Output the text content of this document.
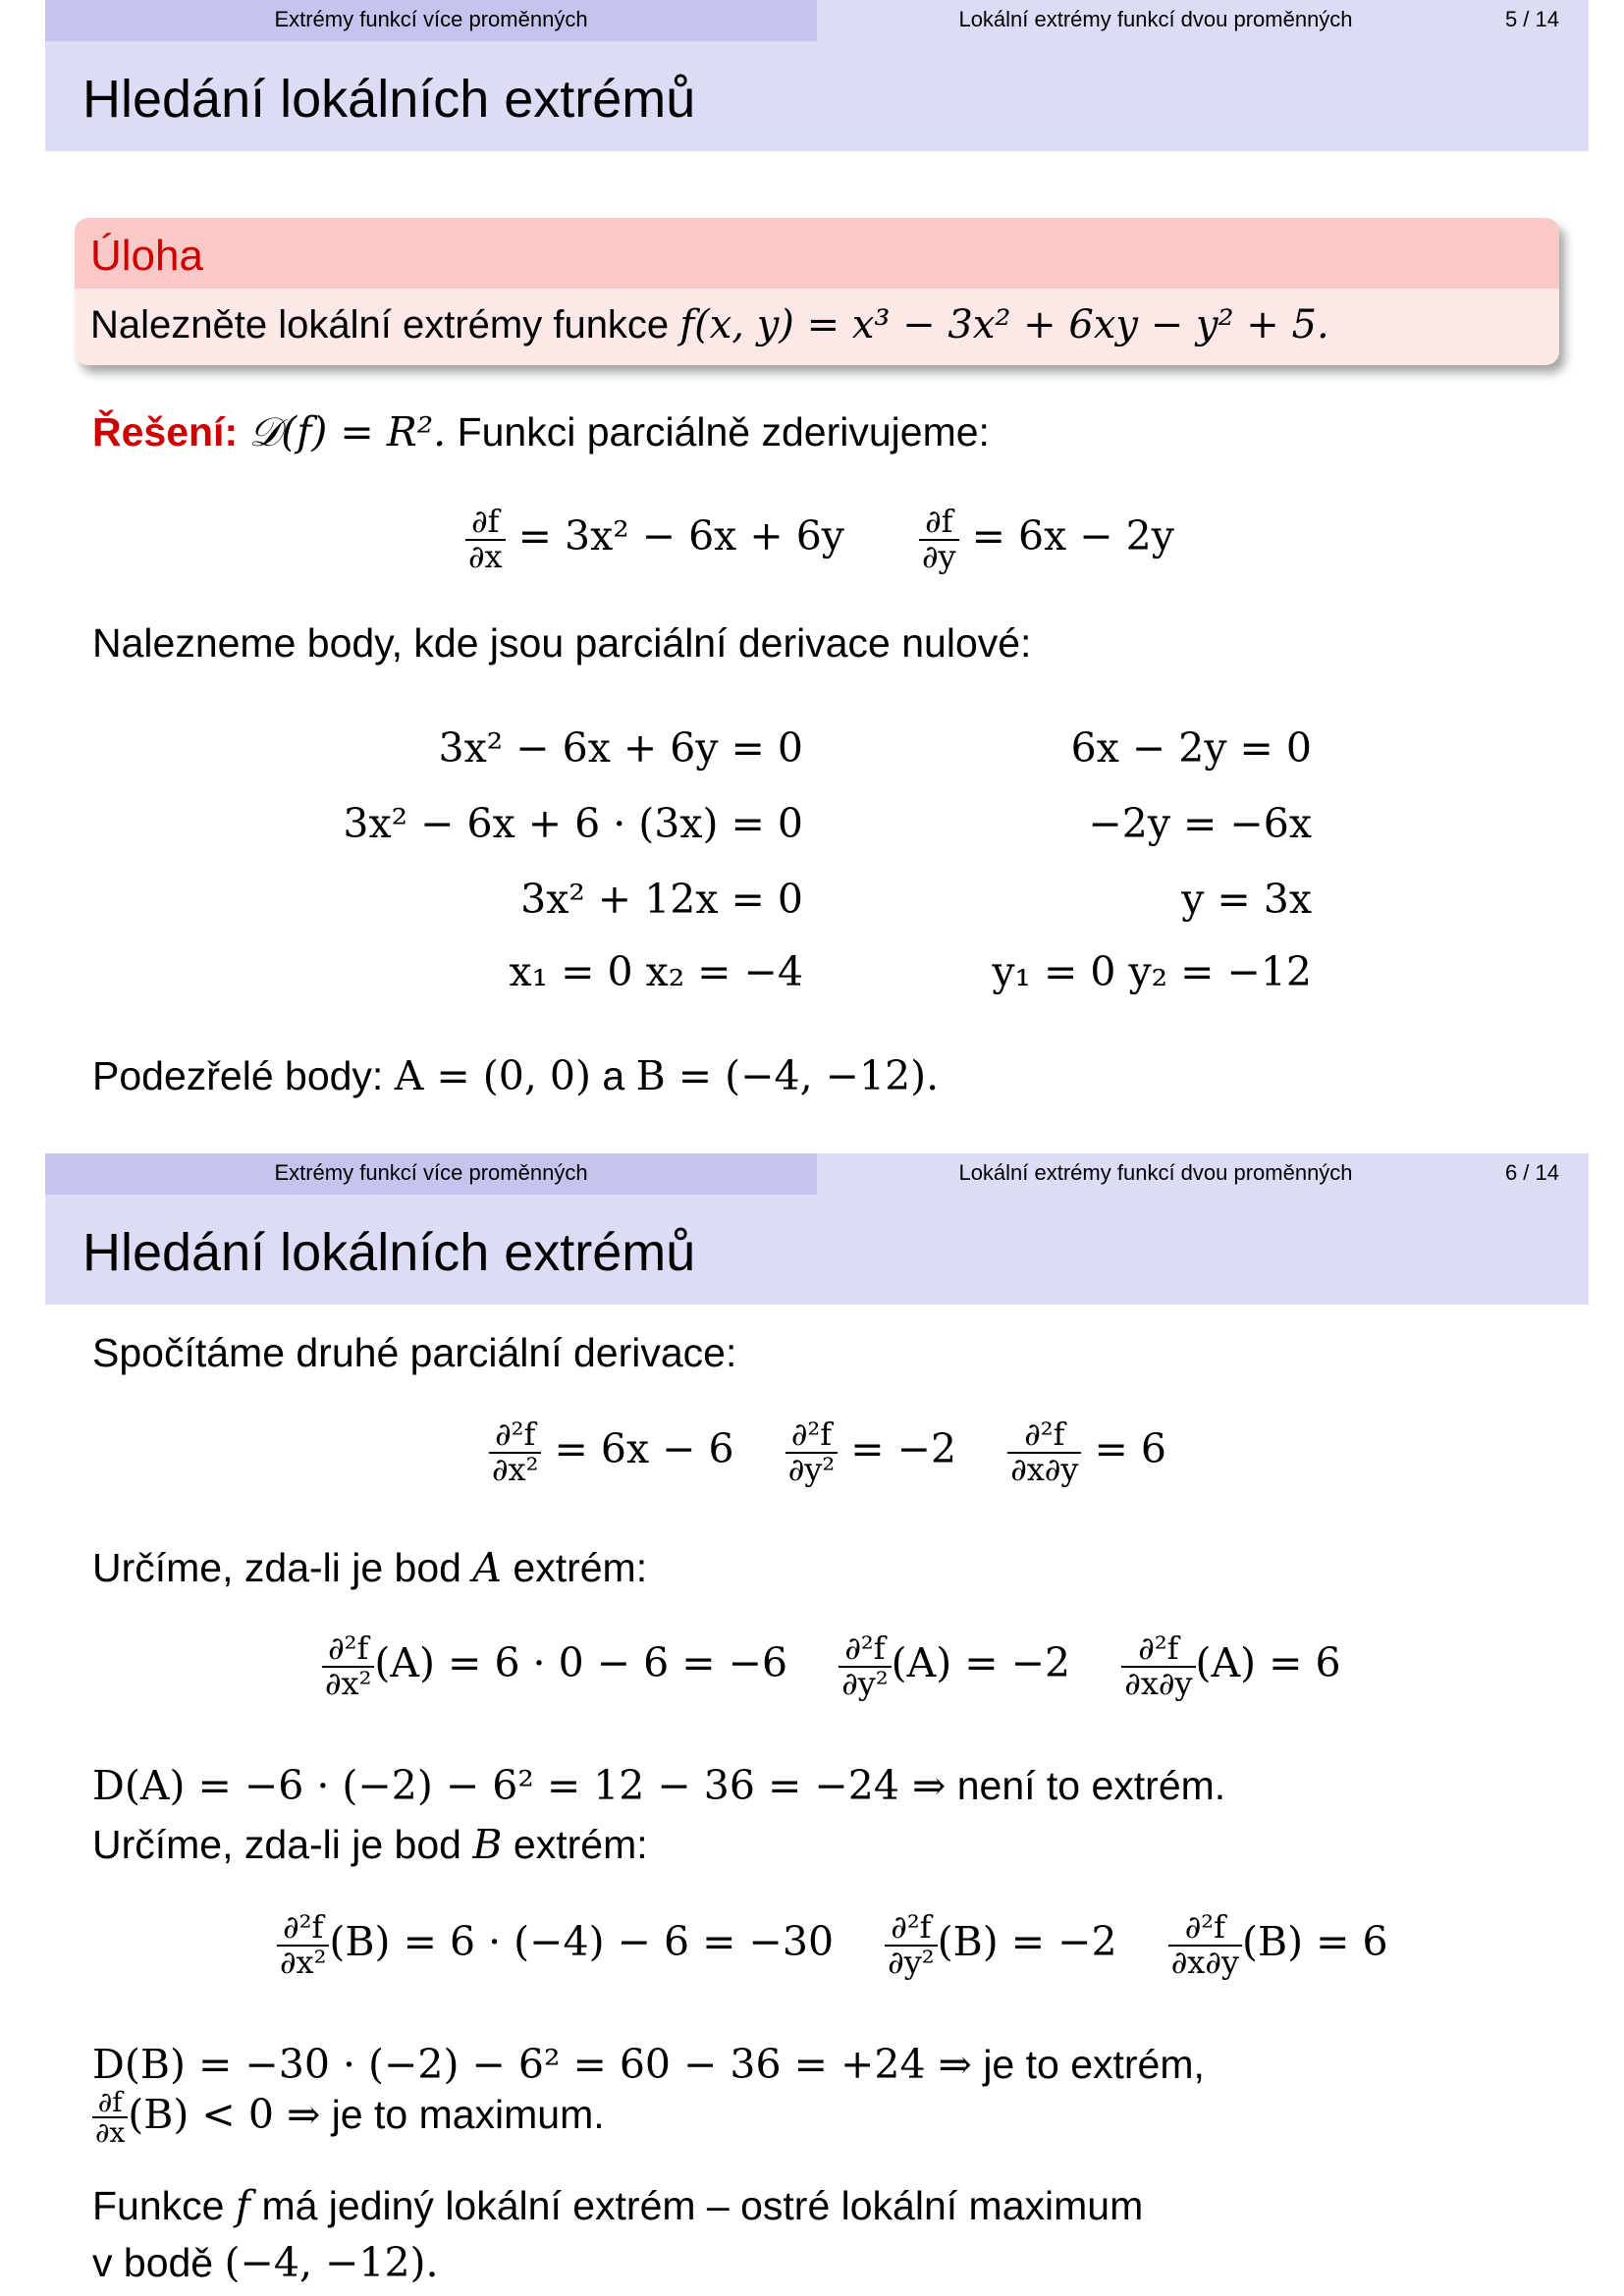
Extrémy funkcí více proměnných	Lokální extrémy funkcí dvou proměnných	5 / 14
Hledání lokálních extrémů
Úloha
Nalezněte lokální extrémy funkce f(x, y) = x³ − 3x² + 6xy − y² + 5.
Řešení: 𝒟(f) = R². Funkci parciálně zderivujeme:
$\frac{\partial f}{\partial x} = 3x^2 - 6x + 6y \frac{\partial f}{\partial y} = 6x - 2y$
Nalezneme body, kde jsou parciální derivace nulové:
3x² − 6x + 6y = 0
3x² − 6x + 6 · (3x) = 0
3x² + 12x = 0
x₁ = 0 x₂ = −4
6x − 2y = 0
−2y = −6x
y = 3x
y₁ = 0 y₂ = −12
Podezřelé body: A = (0, 0) a B = (−4, −12).
Extrémy funkcí více proměnných	Lokální extrémy funkcí dvou proměnných	6 / 14
Hledání lokálních extrémů
Spočítáme druhé parciální derivace:
$\frac{\text{∂²f}}{\text{∂x²}} = 6x - 6 \frac{\text{∂²f}}{\text{∂y²}} = -2 \frac{\text{∂²f}}{\partial x\partial y} = 6$
Určíme, zda-li je bod A extrém:
$\frac{\text{∂²f}}{\text{∂x²}} (A) = 6 \cdot 0 - 6 = -6 \frac{\text{∂²f}}{\text{∂y²}} (A) = -2 \frac{\text{∂²f}}{\partial x\partial y} (A) = 6$
D(A) = −6 · (−2) − 6² = 12 − 36 = −24 ⇒ není to extrém.
Určíme, zda-li je bod B extrém:
$\frac{\text{∂²f}}{\text{∂x²}} (B) = 6 \cdot (-4) - 6 = -30 \frac{\text{∂²f}}{\text{∂y²}} (B) = -2 \frac{\text{∂²f}}{\partial x\partial y} (B) = 6$
D(B) = −30 · (−2) − 6² = 60 − 36 = +24 ⇒ je to extrém,
$\frac{\partial f}{\partial x} (B) < 0$ ⇒ je to maximum.
Funkce f má jediný lokální extrém – ostré lokální maximum
v bodě (−4, −12).
